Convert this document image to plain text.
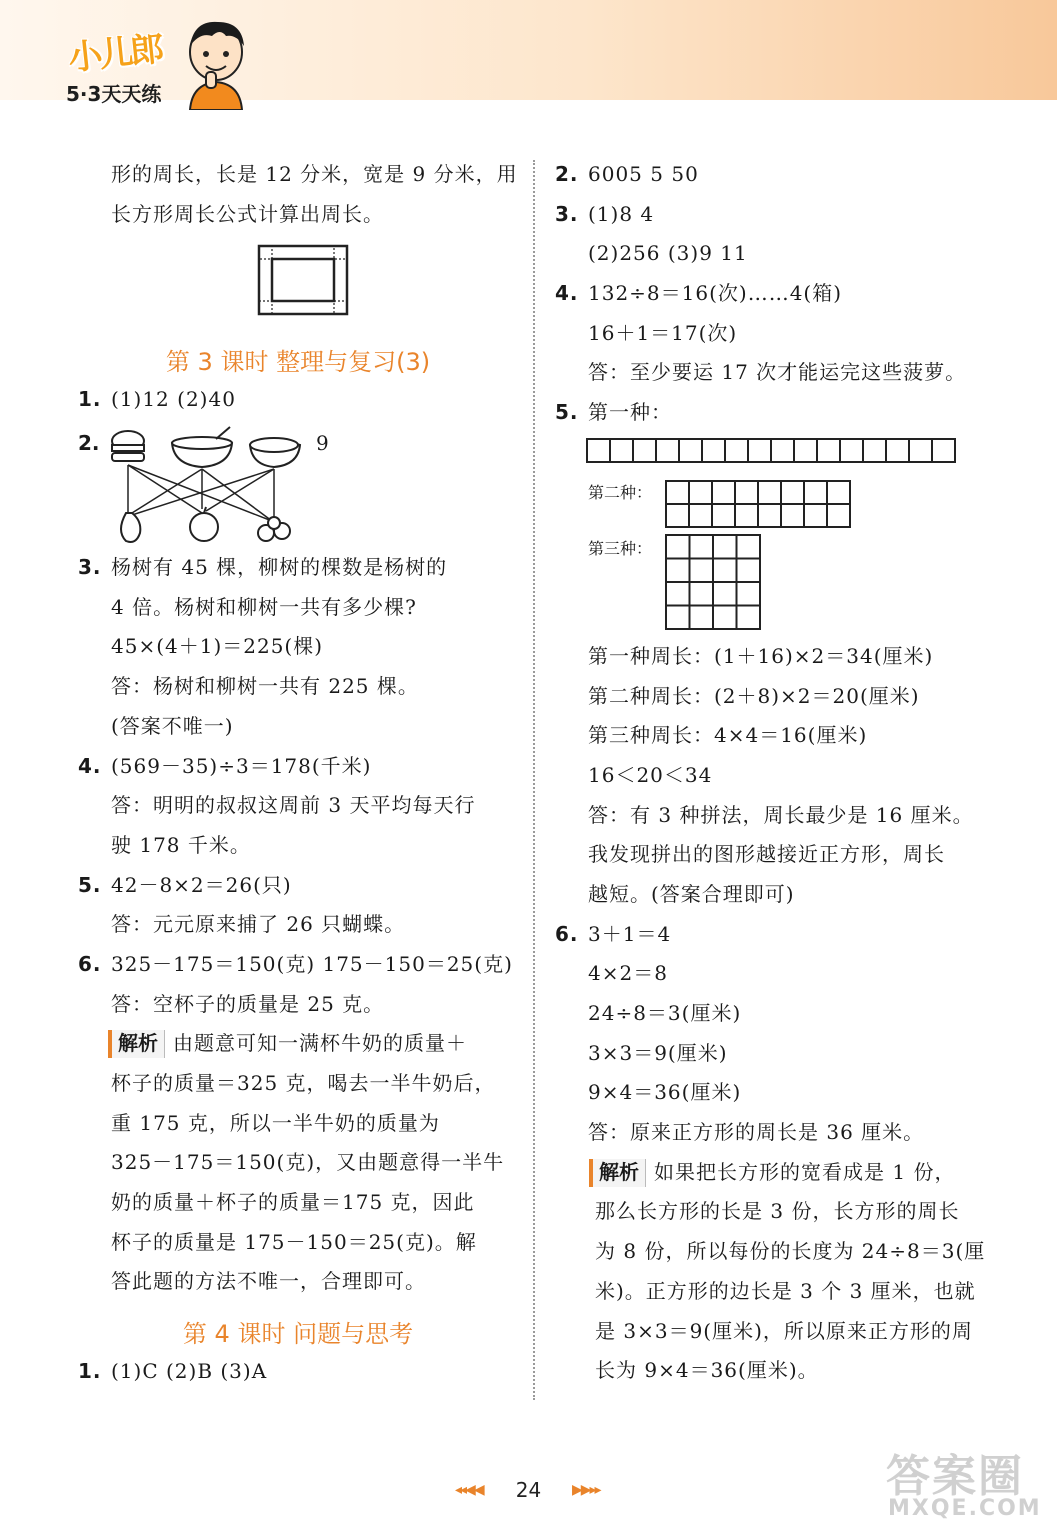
小儿郎
5·3天天练
形的周长，长是 12 分米，宽是 9 分米，用
长方形周长公式计算出周长。
第 3 课时 整理与复习(3)
1. (1)12 (2)40
2.	9
3. 杨树有 45 棵，柳树的棵数是杨树的
4 倍。杨树和柳树一共有多少棵?
45×(4＋1)＝225(棵)
答：杨树和柳树一共有 225 棵。
(答案不唯一)
4. (569－35)÷3＝178(千米)
答：明明的叔叔这周前 3 天平均每天行
驶 178 千米。
5. 42－8×2＝26(只)
答：元元原来捕了 26 只蝴蝶。
6. 325－175＝150(克) 175－150＝25(克)
答：空杯子的质量是 25 克。
解析 由题意可知一满杯牛奶的质量＋
杯子的质量＝325 克，喝去一半牛奶后，
重 175 克，所以一半牛奶的质量为
325－175＝150(克)，又由题意得一半牛
奶的质量＋杯子的质量＝175 克，因此
杯子的质量是 175－150＝25(克)。解
答此题的方法不唯一，合理即可。
第 4 课时 问题与思考
1. (1)C (2)B (3)A
2. 6005 5 50
3. (1)8 4
(2)256 (3)9 11
4. 132÷8＝16(次)……4(箱)
16＋1＝17(次)
答：至少要运 17 次才能运完这些菠萝。
5. 第一种：
第二种：
第三种：
第一种周长：(1＋16)×2＝34(厘米)
第二种周长：(2＋8)×2＝20(厘米)
第三种周长：4×4＝16(厘米)
16＜20＜34
答：有 3 种拼法，周长最少是 16 厘米。
我发现拼出的图形越接近正方形，周长
越短。(答案合理即可)
6. 3＋1＝4
4×2＝8
24÷8＝3(厘米)
3×3＝9(厘米)
9×4＝36(厘米)
答：原来正方形的周长是 36 厘米。
解析 如果把长方形的宽看成是 1 份，
那么长方形的长是 3 份，长方形的周长
为 8 份，所以每份的长度为 24÷8＝3(厘
米)。正方形的边长是 3 个 3 厘米，也就
是 3×3＝9(厘米)，所以原来正方形的周
长为 9×4＝36(厘米)。
◂◂◀◀	24	▶▶▸▸	答案圈
MXQE.COM
